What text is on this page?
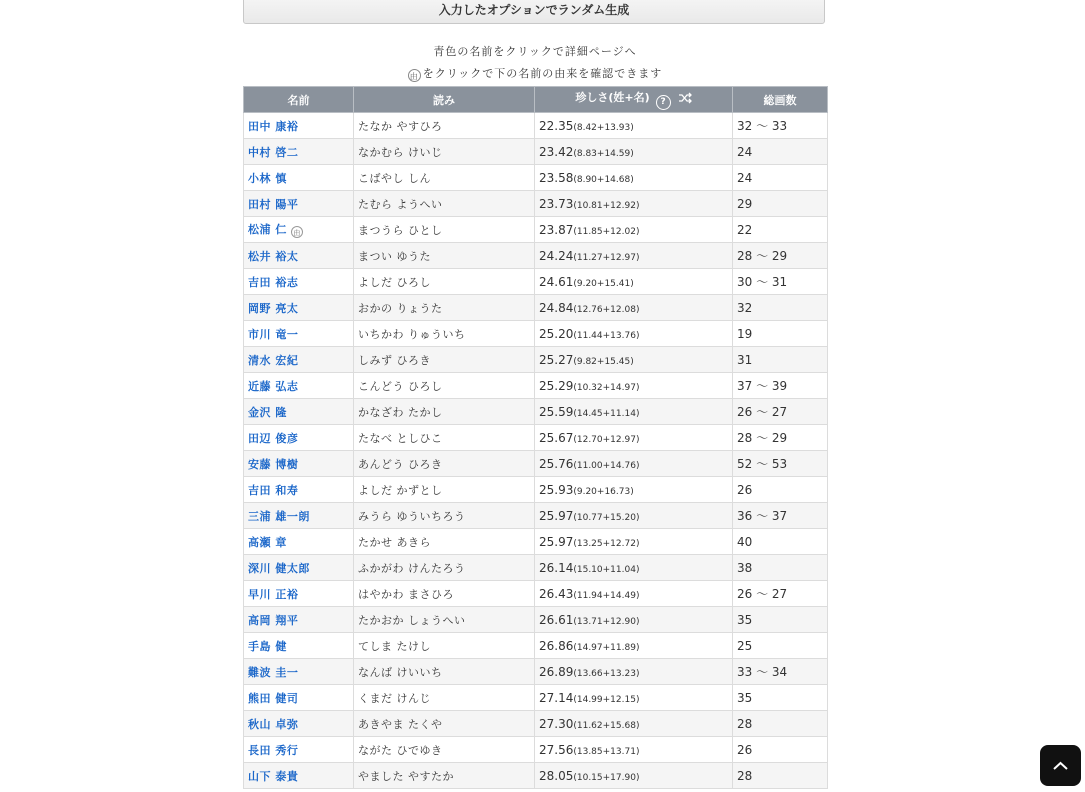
入力したオプションでランダム生成
青色の名前をクリックで詳細ページへ
由 をクリックで下の名前の由来を確認できます
名前	読み	珍しさ(姓+名) ?	総画数
田中 康裕	たなか やすひろ	22.35(8.42+13.93)	32 〜 33
中村 啓二	なかむら けいじ	23.42(8.83+14.59)	24
小林 慎	こばやし しん	23.58(8.90+14.68)	24
田村 陽平	たむら ようへい	23.73(10.81+12.92)	29
松浦 仁 由	まつうら ひとし	23.87(11.85+12.02)	22
松井 裕太	まつい ゆうた	24.24(11.27+12.97)	28 〜 29
吉田 裕志	よしだ ひろし	24.61(9.20+15.41)	30 〜 31
岡野 亮太	おかの りょうた	24.84(12.76+12.08)	32
市川 竜一	いちかわ りゅういち	25.20(11.44+13.76)	19
清水 宏紀	しみず ひろき	25.27(9.82+15.45)	31
近藤 弘志	こんどう ひろし	25.29(10.32+14.97)	37 〜 39
金沢 隆	かなざわ たかし	25.59(14.45+11.14)	26 〜 27
田辺 俊彦	たなべ としひこ	25.67(12.70+12.97)	28 〜 29
安藤 博樹	あんどう ひろき	25.76(11.00+14.76)	52 〜 53
吉田 和寿	よしだ かずとし	25.93(9.20+16.73)	26
三浦 雄一朗	みうら ゆういちろう	25.97(10.77+15.20)	36 〜 37
高瀬 章	たかせ あきら	25.97(13.25+12.72)	40
深川 健太郎	ふかがわ けんたろう	26.14(15.10+11.04)	38
早川 正裕	はやかわ まさひろ	26.43(11.94+14.49)	26 〜 27
高岡 翔平	たかおか しょうへい	26.61(13.71+12.90)	35
手島 健	てしま たけし	26.86(14.97+11.89)	25
難波 圭一	なんば けいいち	26.89(13.66+13.23)	33 〜 34
熊田 健司	くまだ けんじ	27.14(14.99+12.15)	35
秋山 卓弥	あきやま たくや	27.30(11.62+15.68)	28
長田 秀行	ながた ひでゆき	27.56(13.85+13.71)	26
山下 泰貴	やました やすたか	28.05(10.15+17.90)	28
